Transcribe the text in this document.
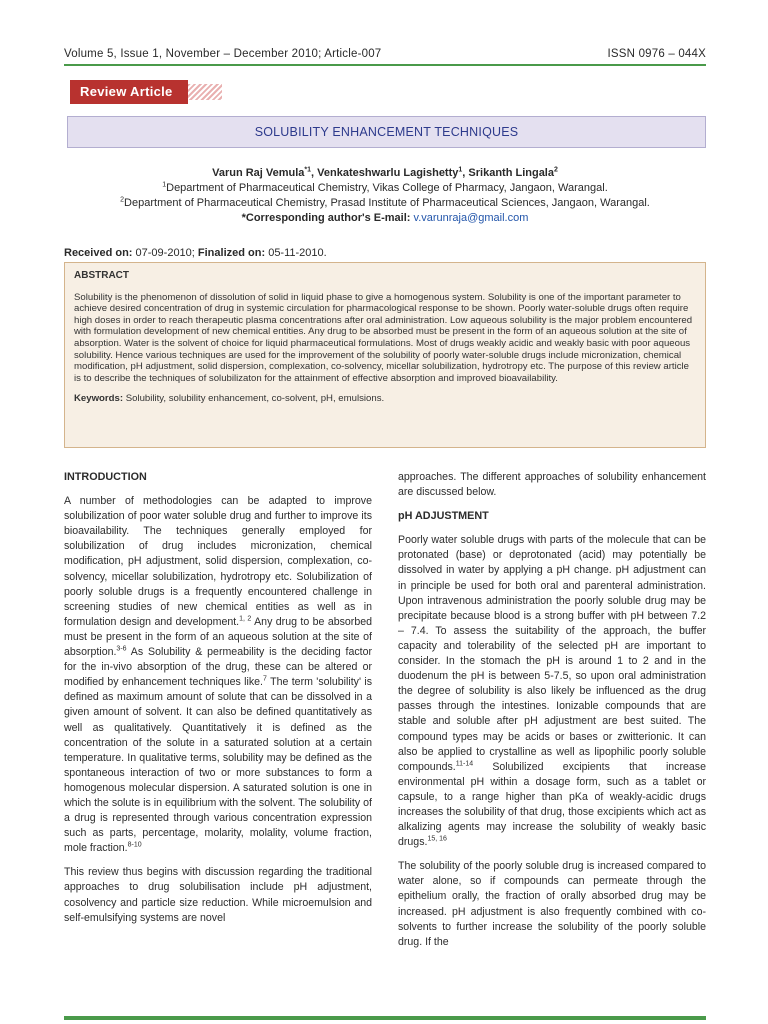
Volume 5, Issue 1, November – December 2010; Article-007	ISSN 0976 – 044X
Review Article
SOLUBILITY ENHANCEMENT TECHNIQUES
Varun Raj Vemula$^{*1}$, Venkateshwarlu Lagishetty$^1$, Srikanth Lingala$^2$
$^1$Department of Pharmaceutical Chemistry, Vikas College of Pharmacy, Jangaon, Warangal.
$^2$Department of Pharmaceutical Chemistry, Prasad Institute of Pharmaceutical Sciences, Jangaon, Warangal.
*Corresponding author's E-mail: v.varunraja@gmail.com
Received on: 07-09-2010; Finalized on: 05-11-2010.
ABSTRACT
Solubility is the phenomenon of dissolution of solid in liquid phase to give a homogenous system. Solubility is one of the important parameter to achieve desired concentration of drug in systemic circulation for pharmacological response to be shown. Poorly water-soluble drugs often require high doses in order to reach therapeutic plasma concentrations after oral administration. Low aqueous solubility is the major problem encountered with formulation development of new chemical entities. Any drug to be absorbed must be present in the form of an aqueous solution at the site of absorption. Water is the solvent of choice for liquid pharmaceutical formulations. Most of drugs weakly acidic and weakly basic with poor aqueous solubility. Hence various techniques are used for the improvement of the solubility of poorly water-soluble drugs include micronization, chemical modification, pH adjustment, solid dispersion, complexation, co-solvency, micellar solubilization, hydrotropy etc. The purpose of this review article is to describe the techniques of solubilizaton for the attainment of effective absorption and improved bioavailability.
Keywords: Solubility, solubility enhancement, co-solvent, pH, emulsions.
INTRODUCTION

A number of methodologies can be adapted to improve solubilization of poor water soluble drug and further to improve its bioavailability. The techniques generally employed for solubilization of drug includes micronization, chemical modification, pH adjustment, solid dispersion, complexation, co-solvency, micellar solubilization, hydrotropy etc. Solubilization of poorly soluble drugs is a frequently encountered challenge in screening studies of new chemical entities as well as in formulation design and development.$^{1, 2}$ Any drug to be absorbed must be present in the form of an aqueous solution at the site of absorption.$^{3-6}$ As Solubility & permeability is the deciding factor for the in-vivo absorption of the drug, these can be altered or modified by enhancement techniques like.$^7$ The term 'solubility' is defined as maximum amount of solute that can be dissolved in a given amount of solvent. It can also be defined quantitatively as well as qualitatively. Quantitatively it is defined as the concentration of the solute in a saturated solution at a certain temperature. In qualitative terms, solubility may be defined as the spontaneous interaction of two or more substances to form a homogenous molecular dispersion. A saturated solution is one in which the solute is in equilibrium with the solvent. The solubility of a drug is represented through various concentration expression such as parts, percentage, molarity, molality, volume fraction, mole fraction.$^{8-10}$

This review thus begins with discussion regarding the traditional approaches to drug solubilisation include pH adjustment, cosolvency and particle size reduction. While microemulsion and self-emulsifying systems are novel

approaches. The different approaches of solubility enhancement are discussed below.

pH ADJUSTMENT

Poorly water soluble drugs with parts of the molecule that can be protonated (base) or deprotonated (acid) may potentially be dissolved in water by applying a pH change. pH adjustment can in principle be used for both oral and parenteral administration. Upon intravenous administration the poorly soluble drug may be precipitate because blood is a strong buffer with pH between 7.2 – 7.4. To assess the suitability of the approach, the buffer capacity and tolerability of the selected pH are important to consider. In the stomach the pH is around 1 to 2 and in the duodenum the pH is between 5-7.5, so upon oral administration the degree of solubility is also likely be influenced as the drug passes through the intestines. Ionizable compounds that are stable and soluble after pH adjustment are best suited. The compound types may be acids or bases or zwitterionic. It can also be applied to crystalline as well as lipophilic poorly soluble compounds.$^{11-14}$ Solubilized excipients that increase environmental pH within a dosage form, such as a tablet or capsule, to a range higher than pKa of weakly-acidic drugs increases the solubility of that drug, those excipients which act as alkalizing agents may increase the solubility of weakly basic drugs.$^{15, 16}$

The solubility of the poorly soluble drug is increased compared to water alone, so if compounds can permeate through the epithelium orally, the fraction of orally absorbed drug may be increased. pH adjustment is also frequently combined with co-solvents to further increase the solubility of the poorly soluble drug. If the
